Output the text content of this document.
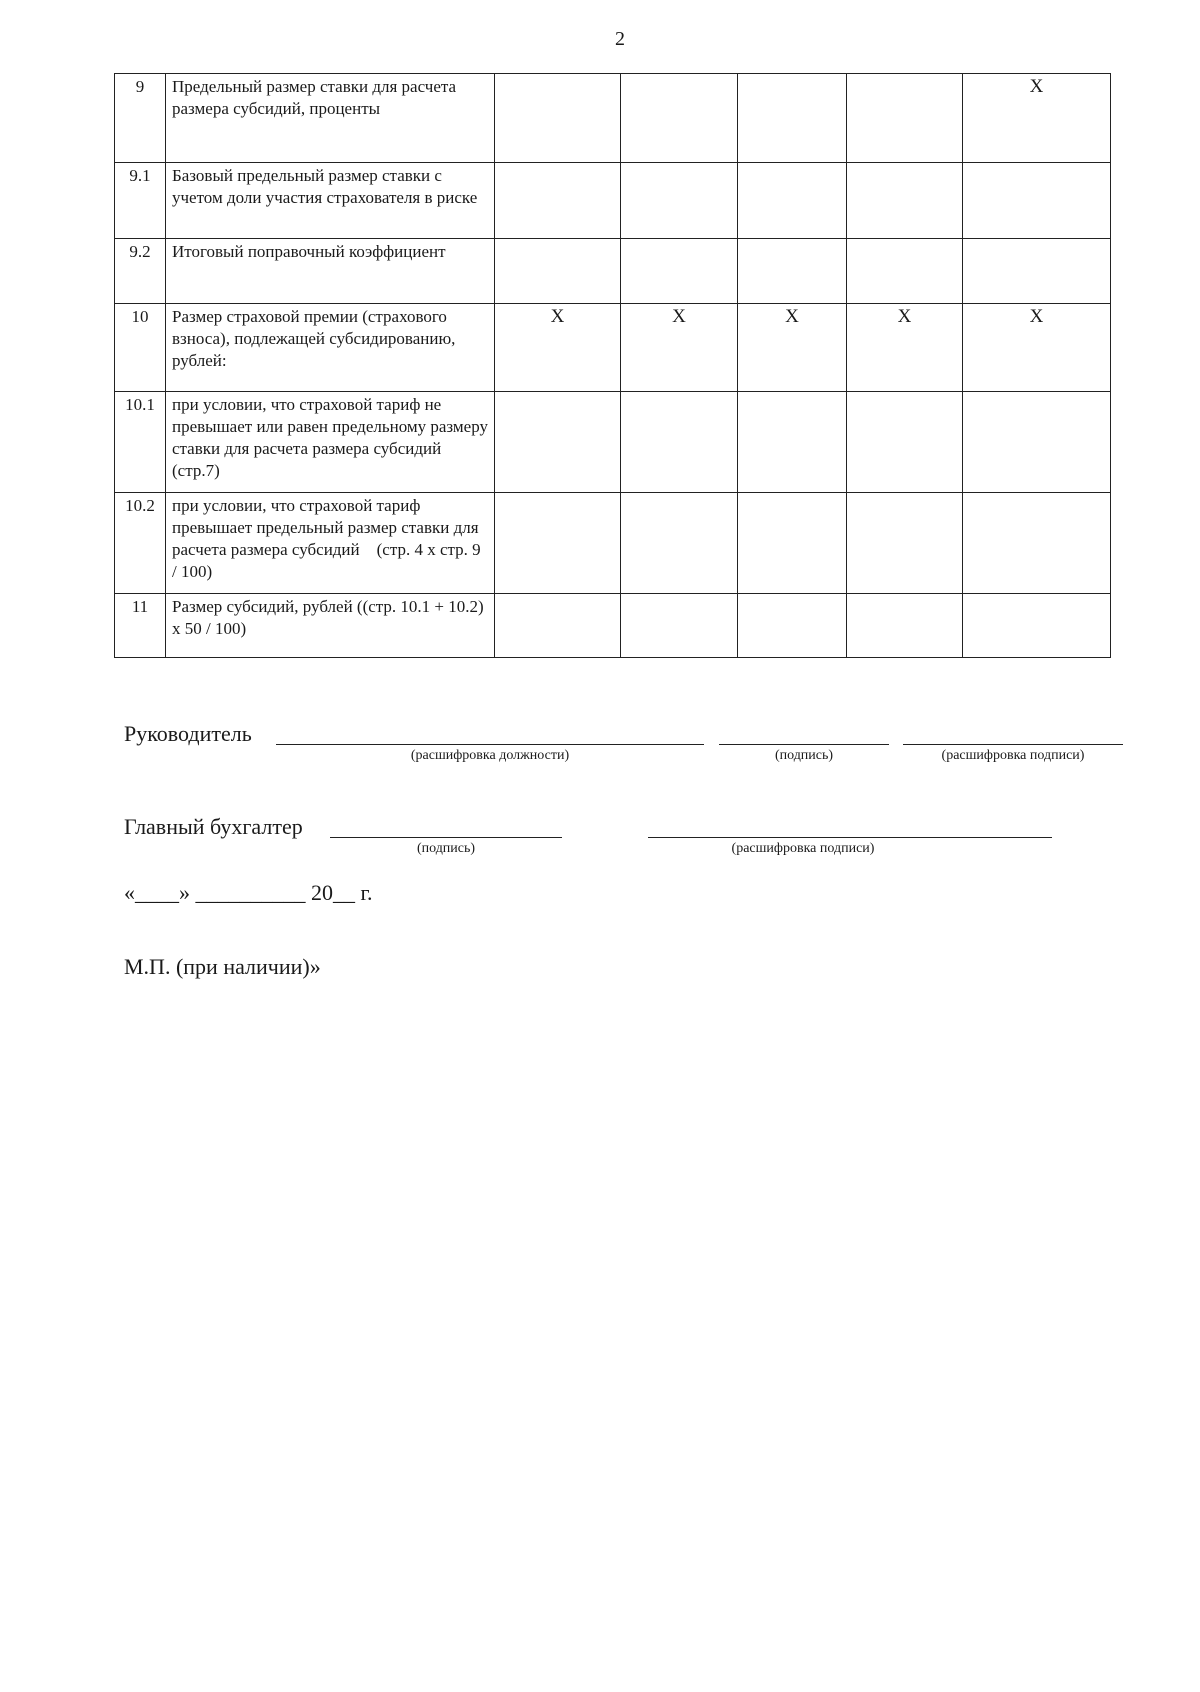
2
9	Предельный размер ставки для расчета размера субсидий, проценты					X
9.1	Базовый предельный размер ставки с учетом доли участия страхователя в риске					
9.2	Итоговый поправочный коэффициент					
10	Размер страховой премии (страхового взноса), подлежащей субсидированию, рублей:	X	X	X	X	X
10.1	при условии, что страховой тариф не превышает или равен предельному размеру ставки для расчета размера субсидий (стр.7)					
10.2	при условии, что страховой тариф превышает предельный размер ставки для расчета размера субсидий    (стр. 4 х стр. 9 / 100)					
11	Размер субсидий, рублей ((стр. 10.1 + 10.2) х 50 / 100)					
Руководитель
(расшифровка должности)	(подпись)	(расшифровка подписи)
Главный бухгалтер
(подпись)	(расшифровка подписи)
«____» __________ 20__ г.
М.П. (при наличии)»
